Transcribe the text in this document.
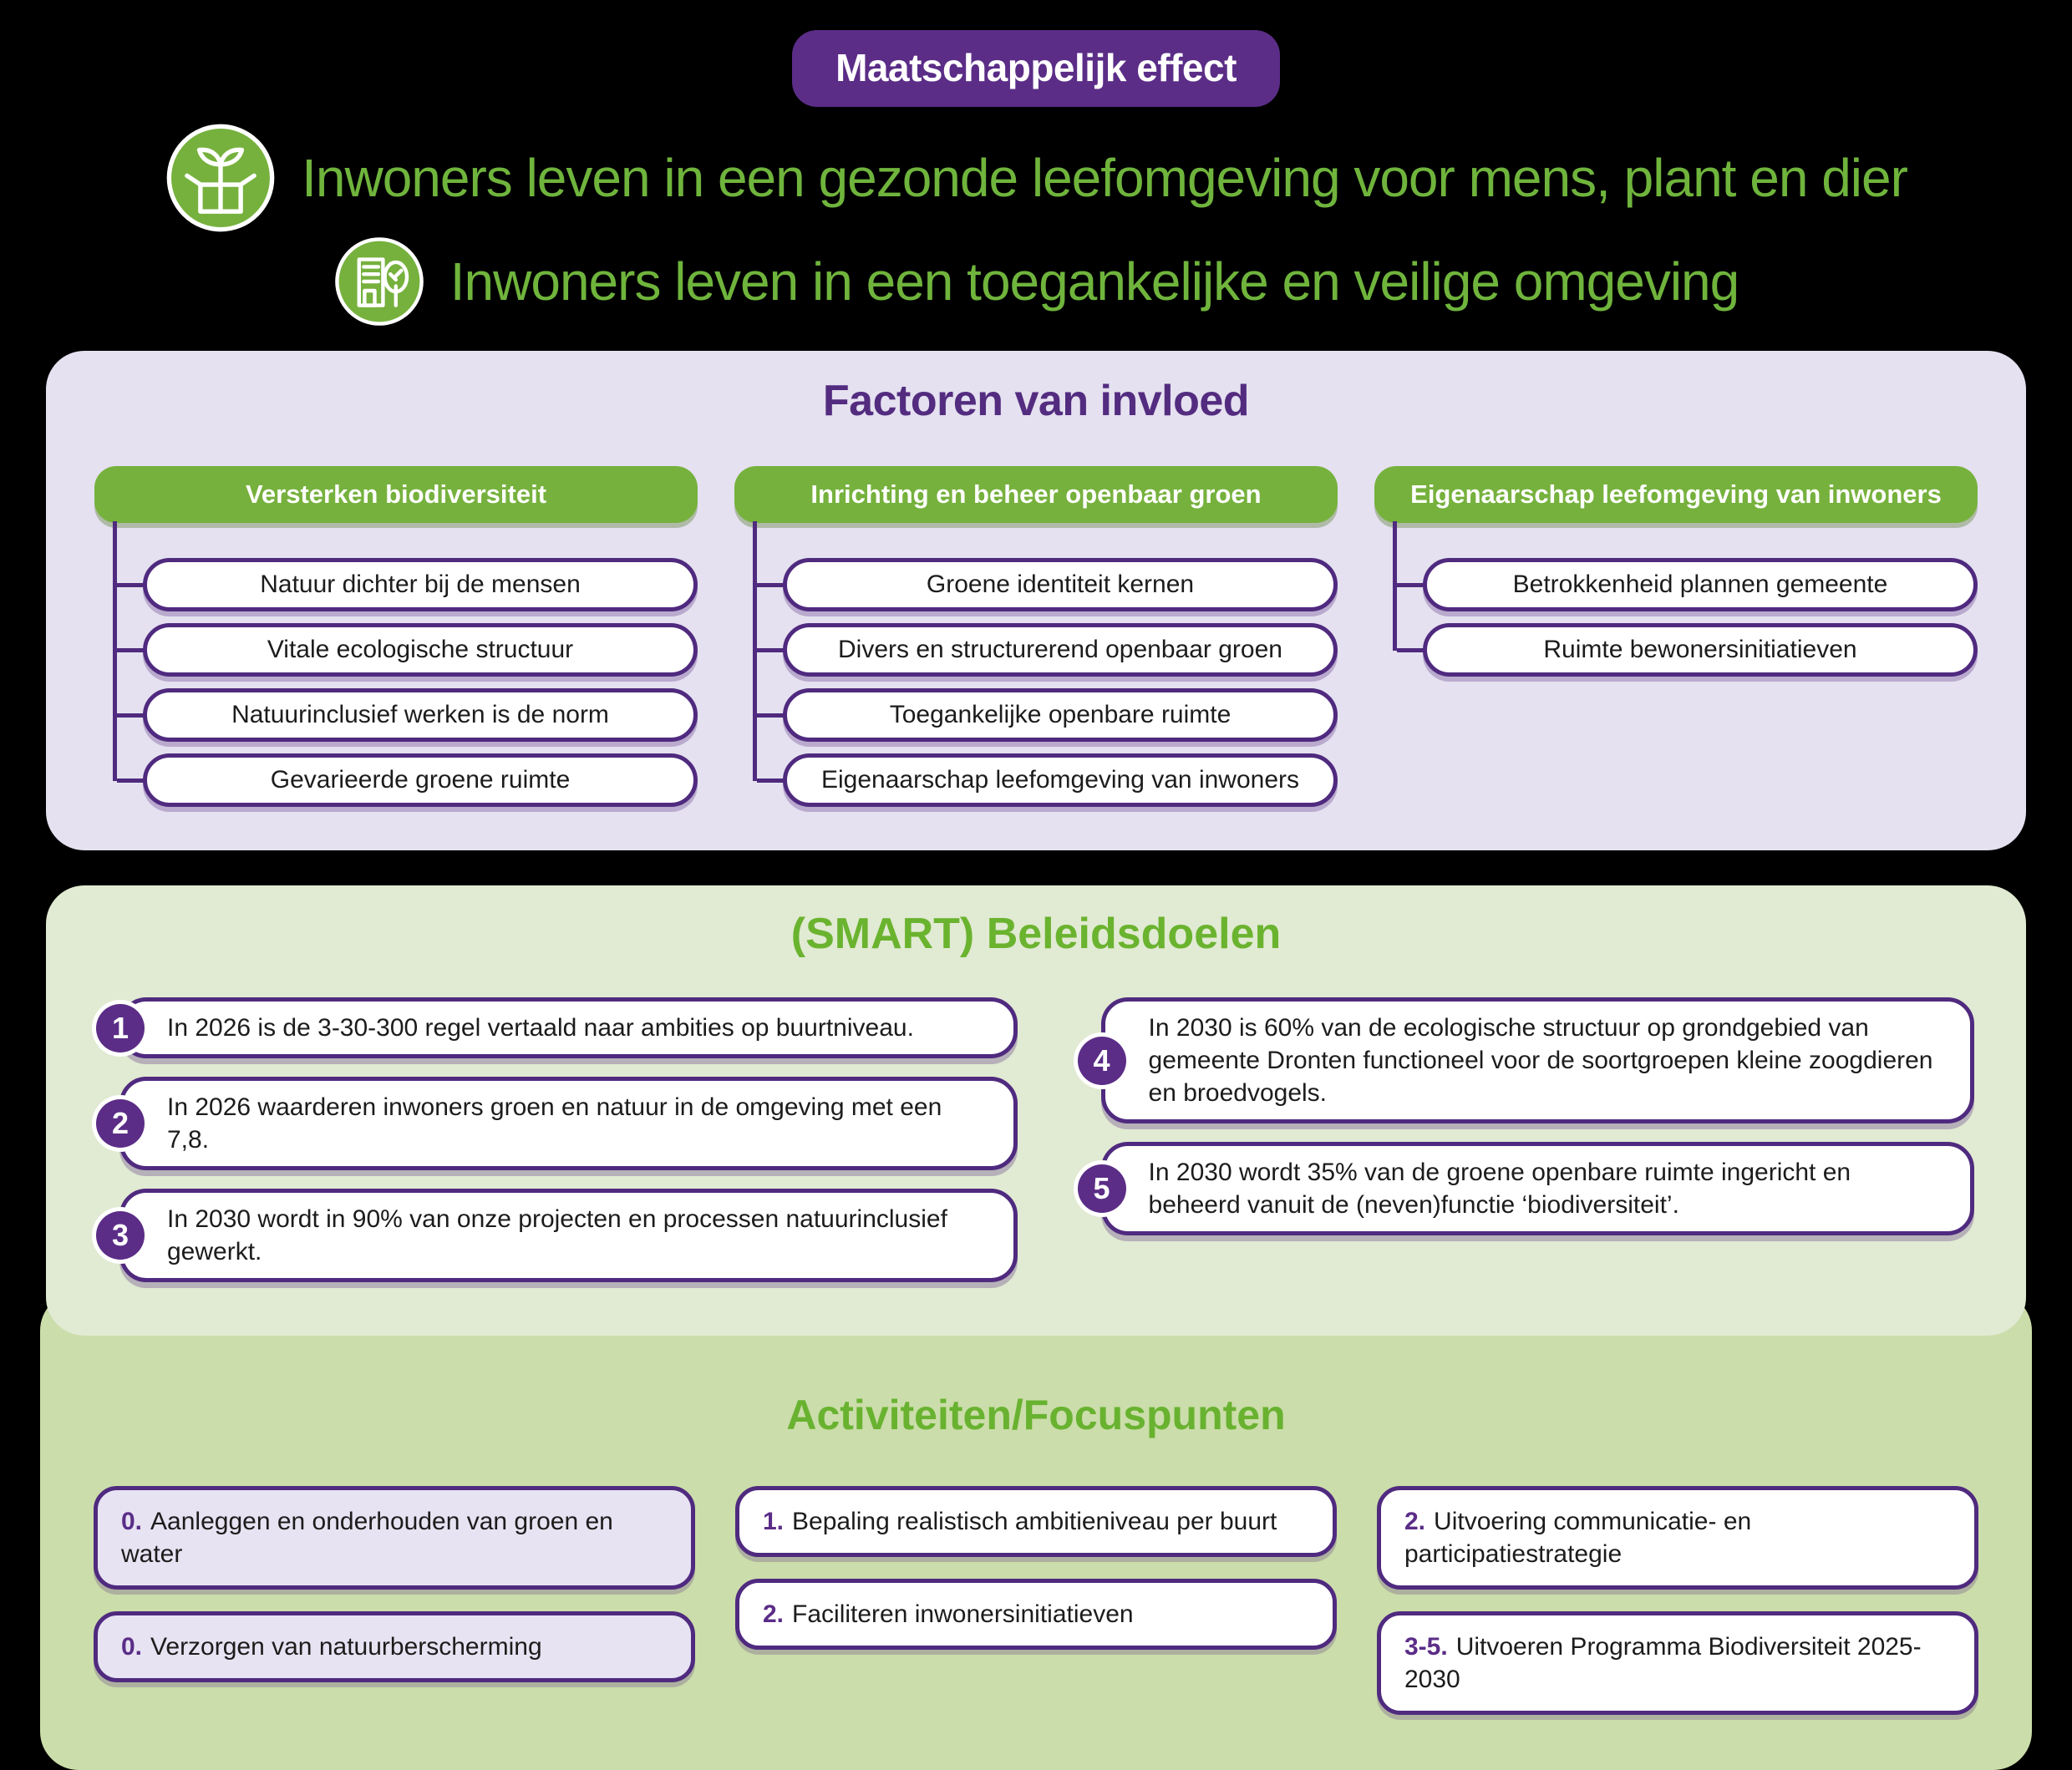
Maatschappelijk effect
Inwoners leven in een gezonde leefomgeving voor mens, plant en dier
Inwoners leven in een toegankelijke en veilige omgeving
Factoren van invloed
Versterken biodiversiteit
Natuur dichter bij de mensen
Vitale ecologische structuur
Natuurinclusief werken is de norm
Gevarieerde groene ruimte
Inrichting en beheer openbaar groen
Groene identiteit kernen
Divers en structurerend openbaar groen
Toegankelijke openbare ruimte
Eigenaarschap leefomgeving van inwoners
Eigenaarschap leefomgeving van inwoners
Betrokkenheid plannen gemeente
Ruimte bewonersinitiatieven
(SMART) Beleidsdoelen
1	In 2026 is de 3-30-300 regel vertaald naar ambities op buurtniveau.
2	In 2026 waarderen inwoners groen en natuur in de omgeving met een 7,8.
3	In 2030 wordt in 90% van onze projecten en processen natuurinclusief gewerkt.
4
In 2030 is 60% van de ecologische structuur op grondgebied van gemeente Dronten functioneel voor de soortgroepen kleine zoogdieren en broedvogels.
5	In 2030 wordt 35% van de groene openbare ruimte ingericht en beheerd vanuit de (neven)functie ‘biodiversiteit’.
Activiteiten/Focuspunten
0. Aanleggen en onderhouden van groen en water
0. Verzorgen van natuurberscherming
1. Bepaling realistisch ambitieniveau per buurt
2. Faciliteren inwonersinitiatieven
2. Uitvoering communicatie- en participatiestrategie
3-5. Uitvoeren Programma Biodiversiteit 2025-2030
